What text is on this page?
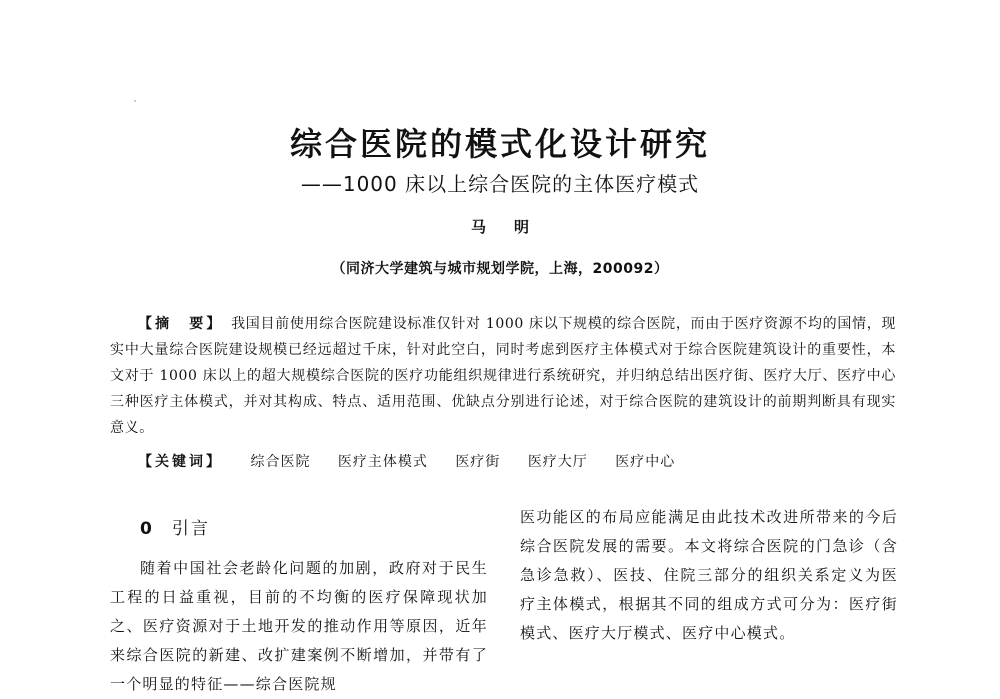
综合医院的模式化设计研究
——1000 床以上综合医院的主体医疗模式
马明
（同济大学建筑与城市规划学院，上海，200092）
【摘　要】　 我国目前使用综合医院建设标准仅针对 1000 床以下规模的综合医院，而由于医疗资源不均的国情，现实中大量综合医院建设规模已经远超过千床，针对此空白，同时考虑到医疗主体模式对于综合医院建筑设计的重要性，本文对于 1000 床以上的超大规模综合医院的医疗功能组织规律进行系统研究，并归纳总结出医疗街、医疗大厅、医疗中心三种医疗主体模式，并对其构成、特点、适用范围、优缺点分别进行论述，对于综合医院的建筑设计的前期判断具有现实意义。
【关键词】 综合医院 医疗主体模式 医疗街 医疗大厅 医疗中心
0 引言
随着中国社会老龄化问题的加剧，政府对于民生工程的日益重视，目前的不均衡的医疗保障现状加之、医疗资源对于土地开发的推动作用等原因，近年来综合医院的新建、改扩建案例不断增加，并带有了一个明显的特征——综合医院规
医功能区的布局应能满足由此技术改进所带来的今后综合医院发展的需要。本文将综合医院的门急诊（含急诊急救）、医技、住院三部分的组织关系定义为医疗主体模式，根据其不同的组成方式可分为：医疗街模式、医疗大厅模式、医疗中心模式。
